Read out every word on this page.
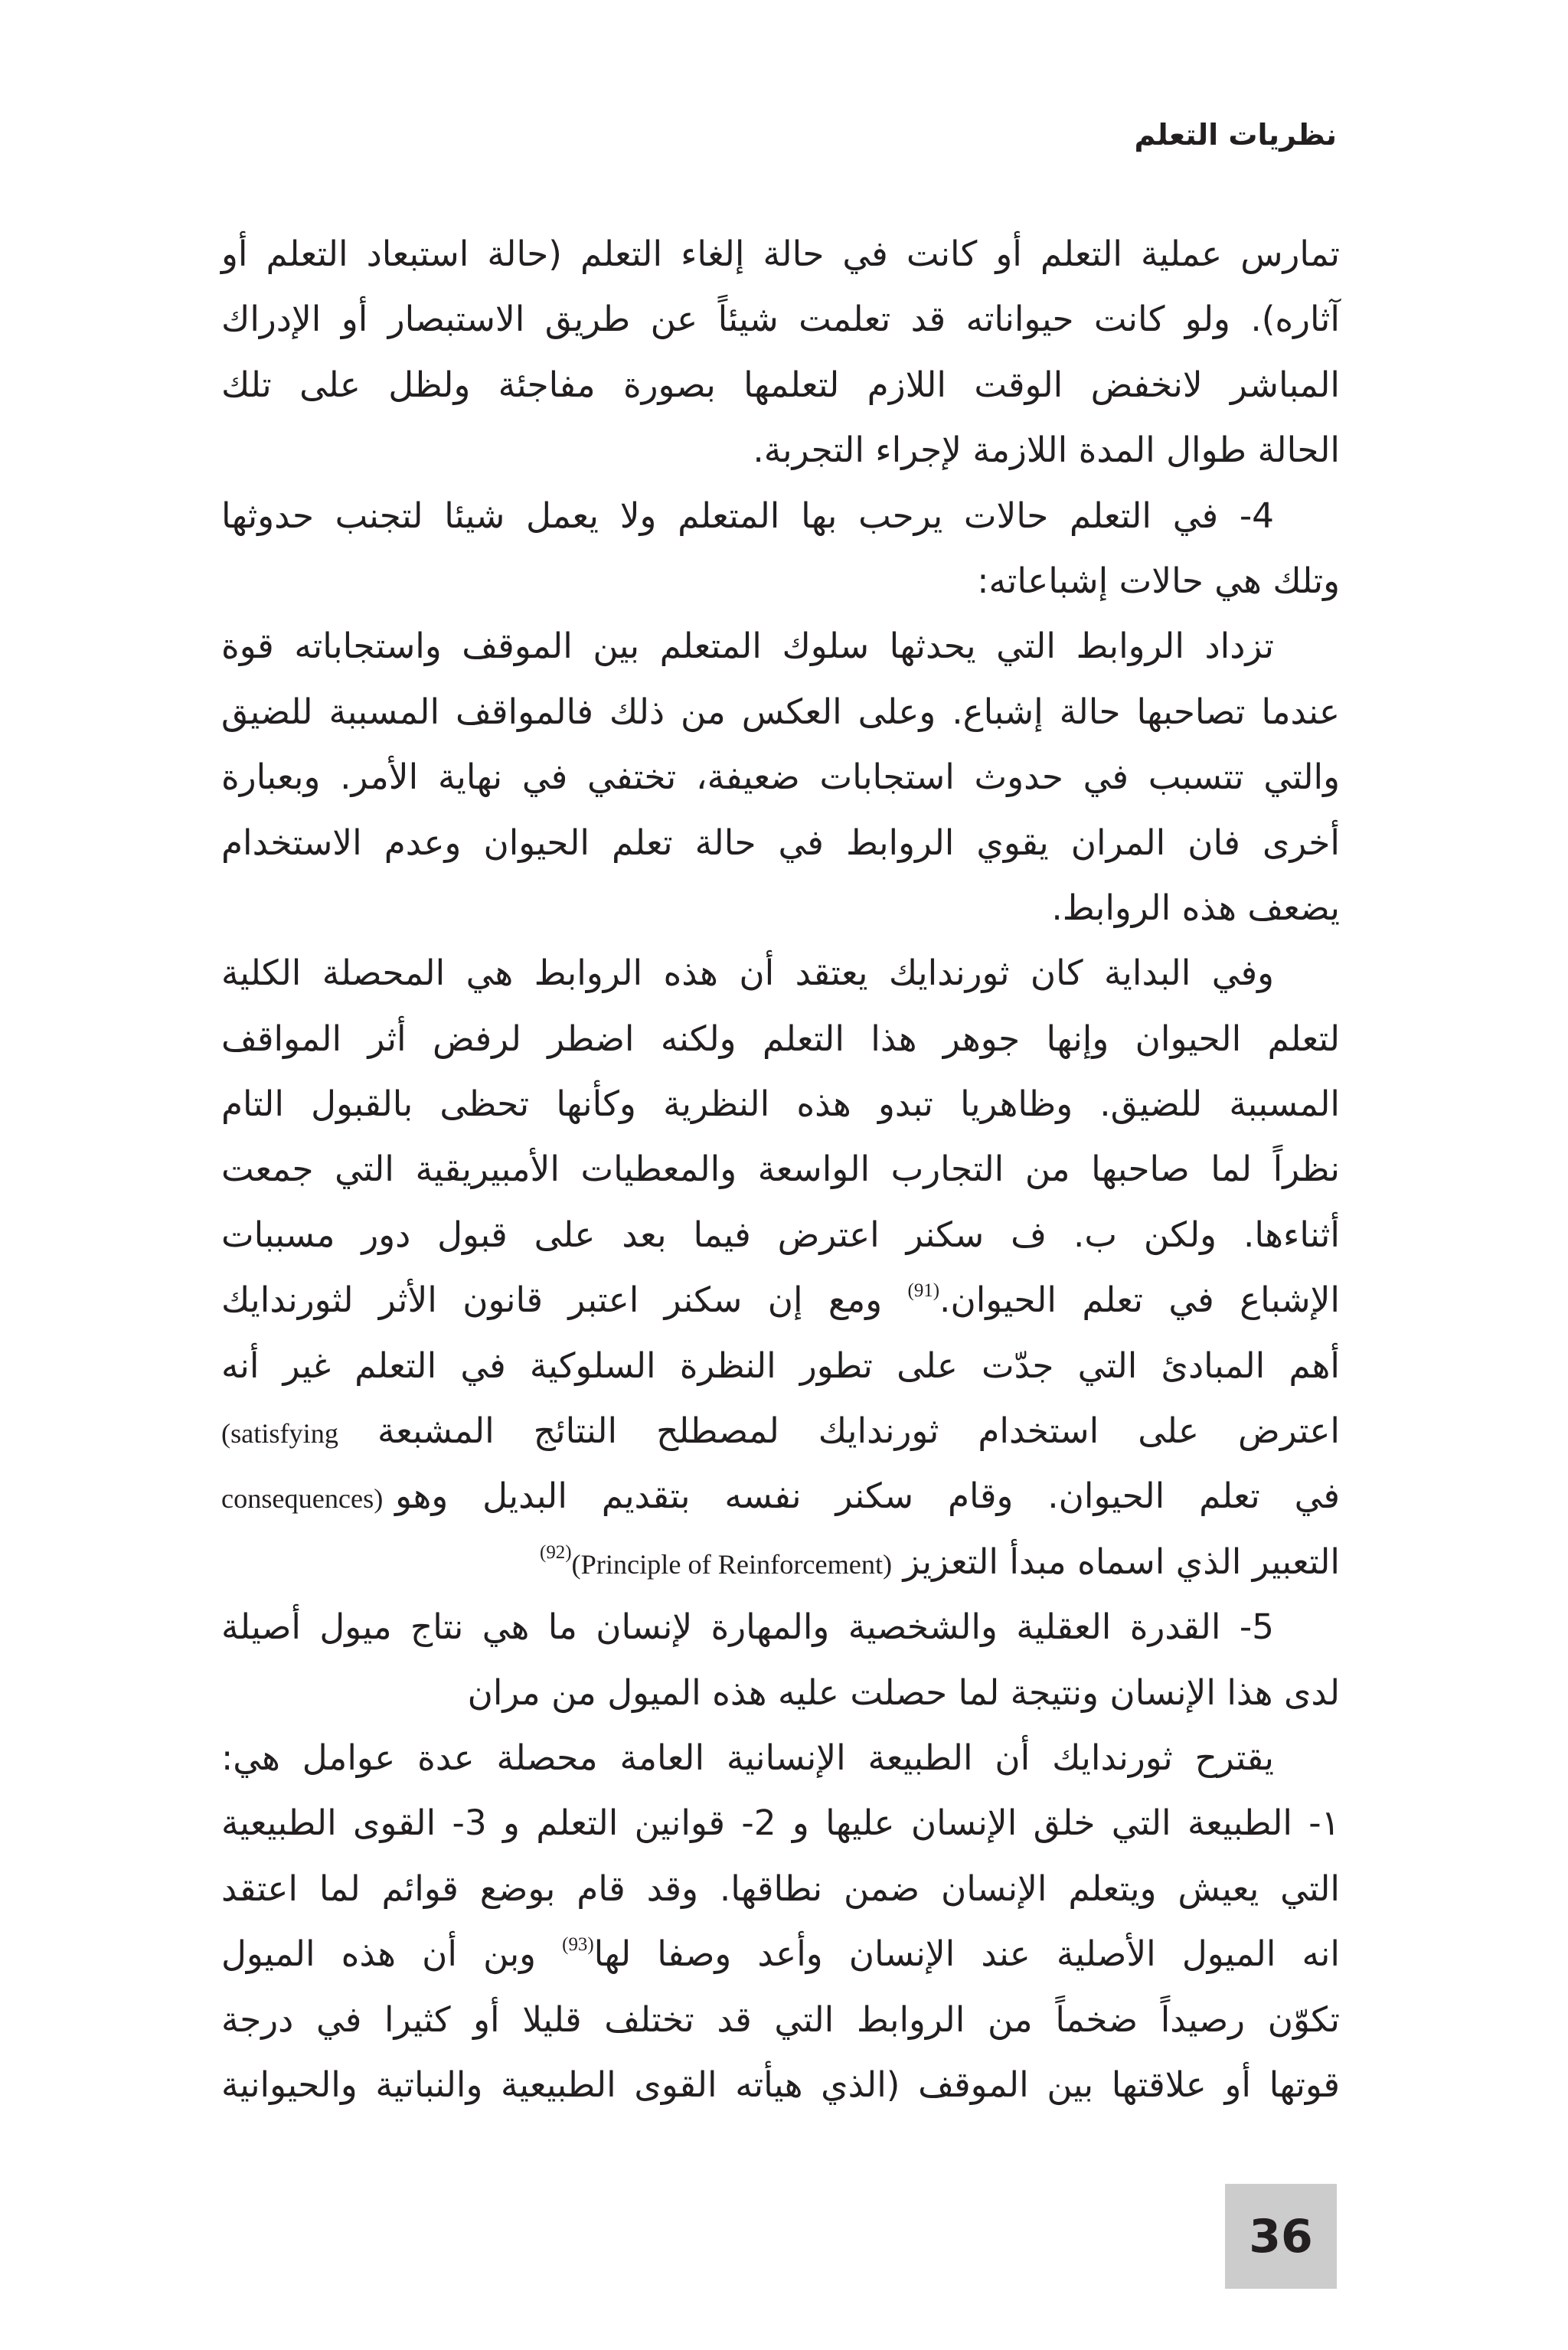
نظريات التعلم
تمارس عملية التعلم أو كانت في حالة إلغاء التعلم (حالة استبعاد التعلم أو
آثاره). ولو كانت حيواناته قد تعلمت شيئاً عن طريق الاستبصار أو الإدراك
المباشر لانخفض الوقت اللازم لتعلمها بصورة مفاجئة ولظل على تلك
الحالة طوال المدة اللازمة لإجراء التجربة.
4- في التعلم حالات يرحب بها المتعلم ولا يعمل شيئا لتجنب حدوثها
وتلك هي حالات إشباعاته:
تزداد الروابط التي يحدثها سلوك المتعلم بين الموقف واستجاباته قوة
عندما تصاحبها حالة إشباع. وعلى العكس من ذلك فالمواقف المسببة للضيق
والتي تتسبب في حدوث استجابات ضعيفة، تختفي في نهاية الأمر. وبعبارة
أخرى فان المران يقوي الروابط في حالة تعلم الحيوان وعدم الاستخدام
يضعف هذه الروابط.
وفي البداية كان ثورندايك يعتقد أن هذه الروابط هي المحصلة الكلية
لتعلم الحيوان وإنها جوهر هذا التعلم ولكنه اضطر لرفض أثر المواقف
المسببة للضيق. وظاهريا تبدو هذه النظرية وكأنها تحظى بالقبول التام
نظراً لما صاحبها من التجارب الواسعة والمعطيات الأمبيريقية التي جمعت
أثناءها. ولكن ب. ف سكنر اعترض فيما بعد على قبول دور مسببات
الإشباع في تعلم الحيوان.$^{(91)}$ ومع إن سكنر اعتبر قانون الأثر لثورندايك
أهم المبادئ التي جدّت على تطور النظرة السلوكية في التعلم غير أنه
اعترض على استخدام ثورندايك لمصطلح النتائج المشبعة (satisfying
consequences) في تعلم الحيوان. وقام سكنر نفسه بتقديم البديل وهو
التعبير الذي اسماه مبدأ التعزيز (Principle of Reinforcement)$^{(92)}$
5- القدرة العقلية والشخصية والمهارة لإنسان ما هي نتاج ميول أصيلة
لدى هذا الإنسان ونتيجة لما حصلت عليه هذه الميول من مران
يقترح ثورندايك أن الطبيعة الإنسانية العامة محصلة عدة عوامل هي:
١- الطبيعة التي خلق الإنسان عليها و 2- قوانين التعلم و 3- القوى الطبيعية
التي يعيش ويتعلم الإنسان ضمن نطاقها. وقد قام بوضع قوائم لما اعتقد
انه الميول الأصلية عند الإنسان وأعد وصفا لها$^{(93)}$ وبن أن هذه الميول
تكوّن رصيداً ضخماً من الروابط التي قد تختلف قليلا أو كثيرا في درجة
قوتها أو علاقتها بين الموقف (الذي هيأته القوى الطبيعية والنباتية والحيوانية
36
